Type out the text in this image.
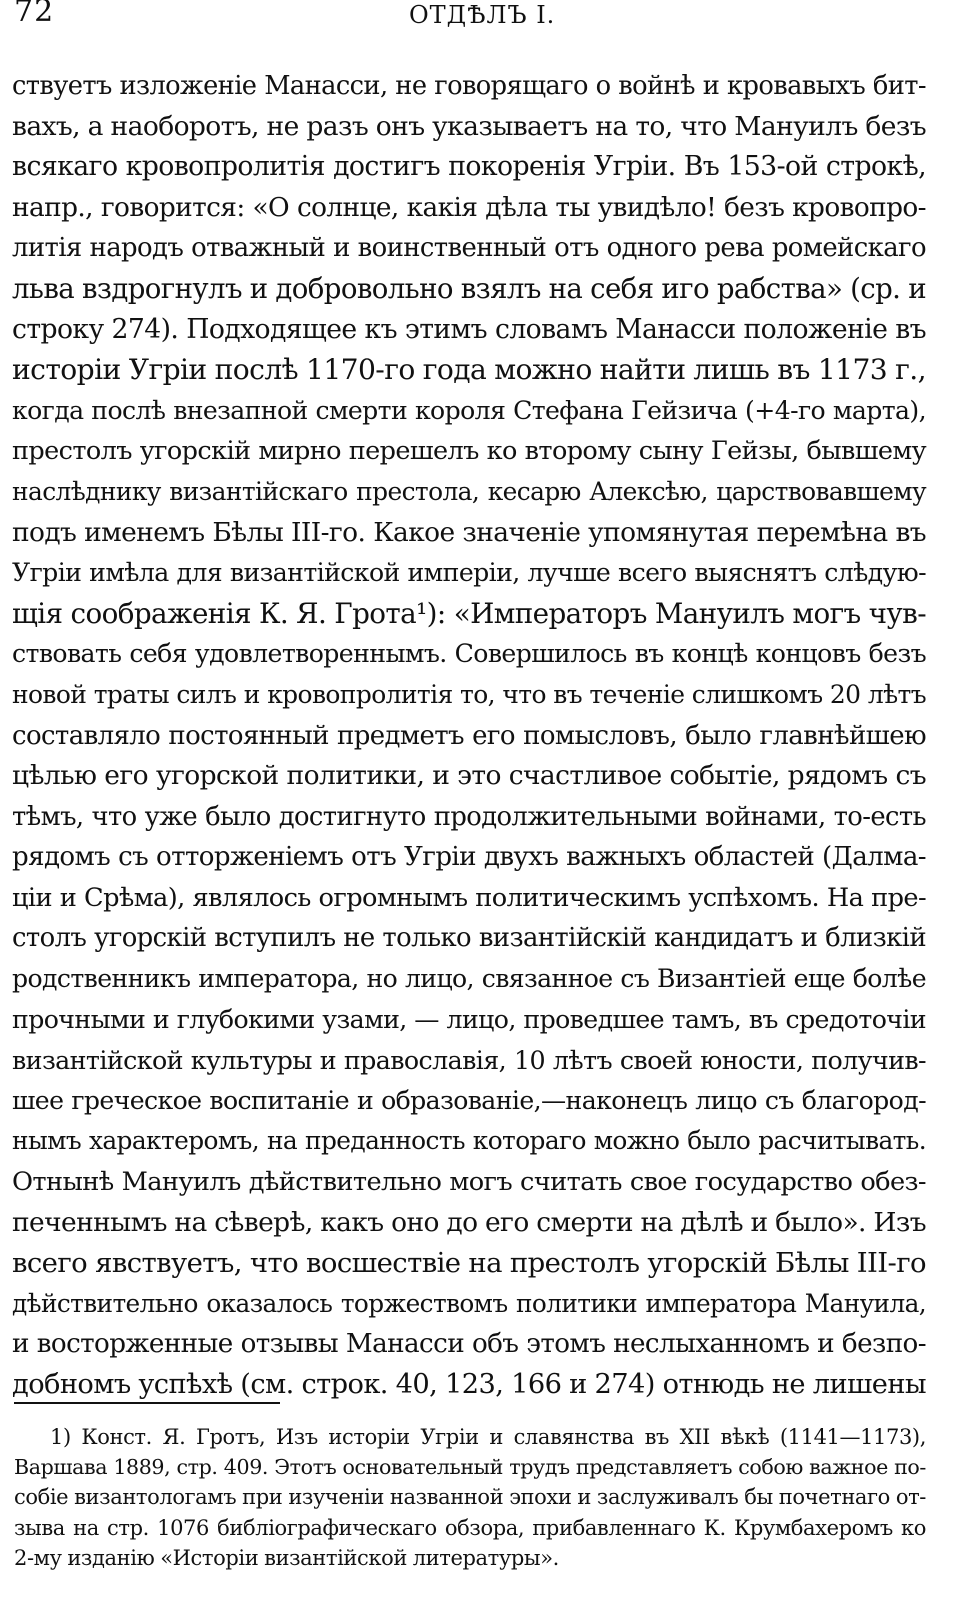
72	ОТДѢЛЪ I.
ствуетъ изложенiе Манасси, не говорящаго о войнѣ и кровавыхъ бит-
вахъ, а наоборотъ, не разъ онъ указываетъ на то, что Мануилъ безъ
всякаго кровопролитiя достигъ покоренiя Угрiи. Въ 153-ой строкѣ,
напр., говорится: «О солнце, какiя дѣла ты увидѣло! безъ кровопро-
литiя народъ отважный и воинственный отъ одного рева ромейскаго
льва вздрогнулъ и добровольно взялъ на себя иго рабства» (ср. и
строку 274). Подходящее къ этимъ словамъ Манасси положенiе въ
исторiи Угрiи послѣ 1170-го года можно найти лишь въ 1173 г.,
когда послѣ внезапной смерти короля Стефана Гейзича (+4-го марта),
престолъ угорскiй мирно перешелъ ко второму сыну Гейзы, бывшему
наслѣднику византiйскаго престола, кесарю Алексѣю, царствовавшему
подъ именемъ Бѣлы III-го. Какое значенiе упомянутая перемѣна въ
Угрiи имѣла для византiйской имперiи, лучше всего выяснятъ слѣдую-
щiя соображенiя К. Я. Грота¹): «Императоръ Мануилъ могъ чув-
ствовать себя удовлетвореннымъ. Совершилось въ концѣ концовъ безъ
новой траты силъ и кровопролитiя то, что въ теченiе слишкомъ 20 лѣтъ
составляло постоянный предметъ его помысловъ, было главнѣйшею
цѣлью его угорской политики, и это счастливое событiе, рядомъ съ
тѣмъ, что уже было достигнуто продолжительными войнами, то-есть
рядомъ съ отторженiемъ отъ Угрiи двухъ важныхъ областей (Далма-
цiи и Срѣма), являлось огромнымъ политическимъ успѣхомъ. На пре-
столъ угорскiй вступилъ не только византiйскiй кандидатъ и близкiй
родственникъ императора, но лицо, связанное съ Византiей еще болѣе
прочными и глубокими узами, — лицо, проведшее тамъ, въ средоточiи
византiйской культуры и православiя, 10 лѣтъ своей юности, получив-
шее греческое воспитанiе и образованiе,—наконецъ лицо съ благород-
нымъ характеромъ, на преданность котораго можно было расчитывать.
Отнынѣ Мануилъ дѣйствительно могъ считать свое государство обез-
печеннымъ на сѣверѣ, какъ оно до его смерти на дѣлѣ и было». Изъ
всего явствуетъ, что восшествiе на престолъ угорскiй Бѣлы III-го
дѣйствительно оказалось торжествомъ политики императора Мануила,
и восторженные отзывы Манасси объ этомъ неслыханномъ и безпо-
добномъ успѣхѣ (см. строк. 40, 123, 166 и 274) отнюдь не лишены
1) Конст. Я. Гротъ, Изъ исторiи Угрiи и славянства въ XII вѣкѣ (1141—1173),
Варшава 1889, стр. 409. Этотъ основательный трудъ представляетъ собою важное по-
собiе византологамъ при изученiи названной эпохи и заслуживалъ бы почетнаго от-
зыва на стр. 1076 библiографическаго обзора, прибавленнаго К. Крумбахеромъ ко
2-му изданiю «Исторiи византiйской литературы».
